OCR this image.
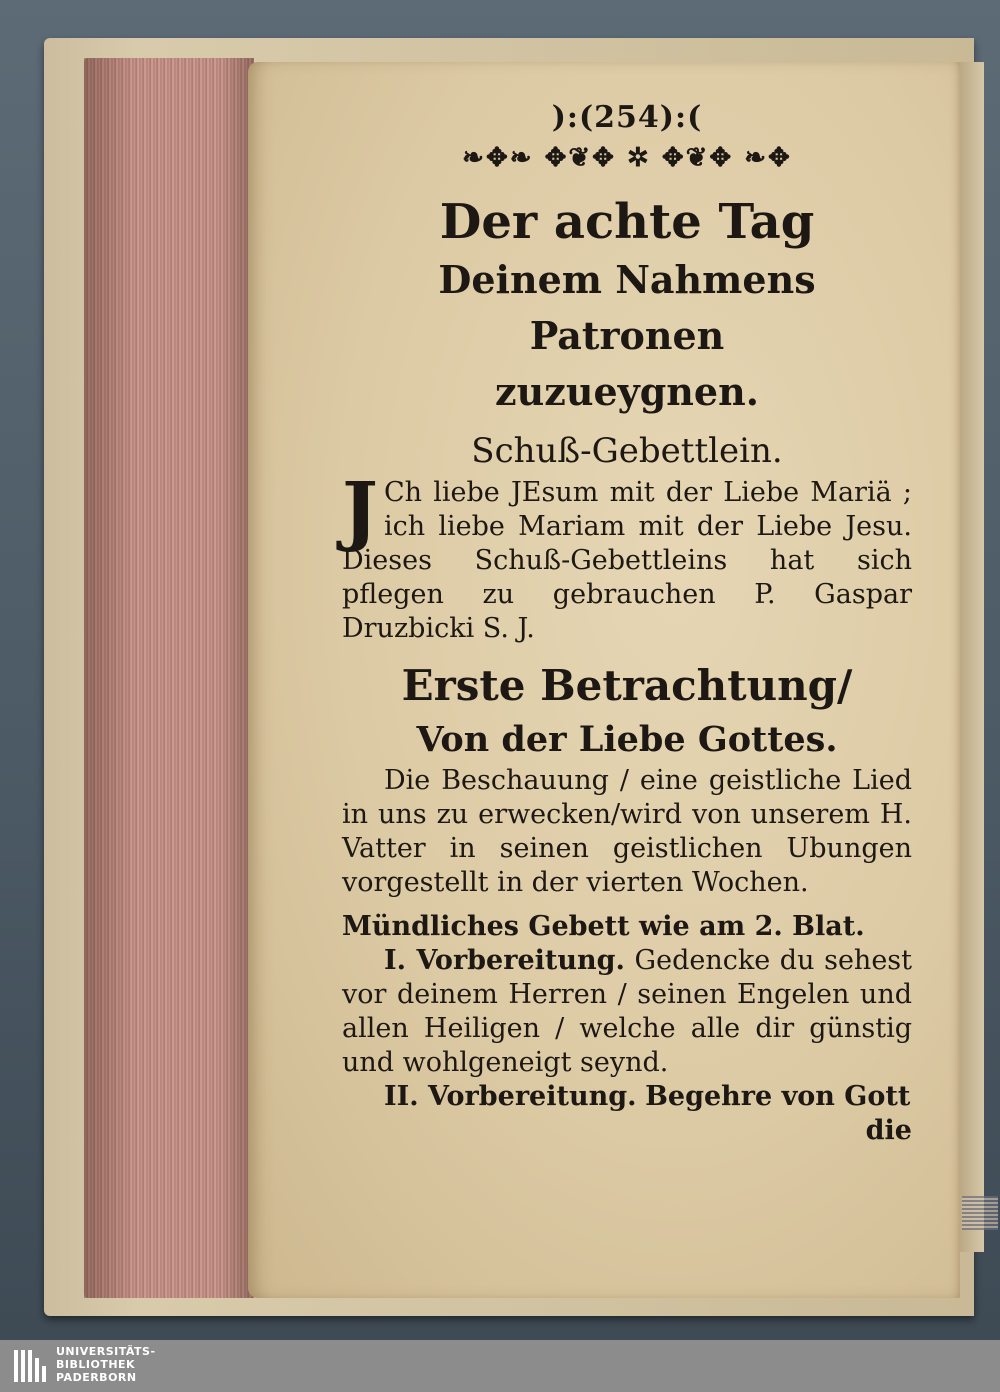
):(254):(
❧✥❧ ✥❦✥ ✲ ✥❦✥ ❧✥
Der achte Tag
Deinem Nahmens Patronen
zuzueygnen.
Schuß-Gebettlein.
J Ch liebe JEsum mit der Liebe Mariä ; ich liebe Mariam mit der Liebe Jesu. Dieses Schuß-Gebettleins hat sich pflegen zu gebrauchen P. Gaspar Druzbicki S. J.
Erste Betrachtung/
Von der Liebe Gottes.
Die Beschauung / eine geistliche Lied in uns zu erwecken/wird von unserem H. Vatter in seinen geistlichen Ubungen vorgestellt in der vierten Wochen.
Mündliches Gebett wie am 2. Blat.
I. Vorbereitung. Gedencke du sehest vor deinem Herren / seinen Engelen und allen Heiligen / welche alle dir günstig und wohlgeneigt seynd.
II. Vorbereitung. Begehre von Gott
die
UNIVERSITÄTS-
BIBLIOTHEK
PADERBORN
